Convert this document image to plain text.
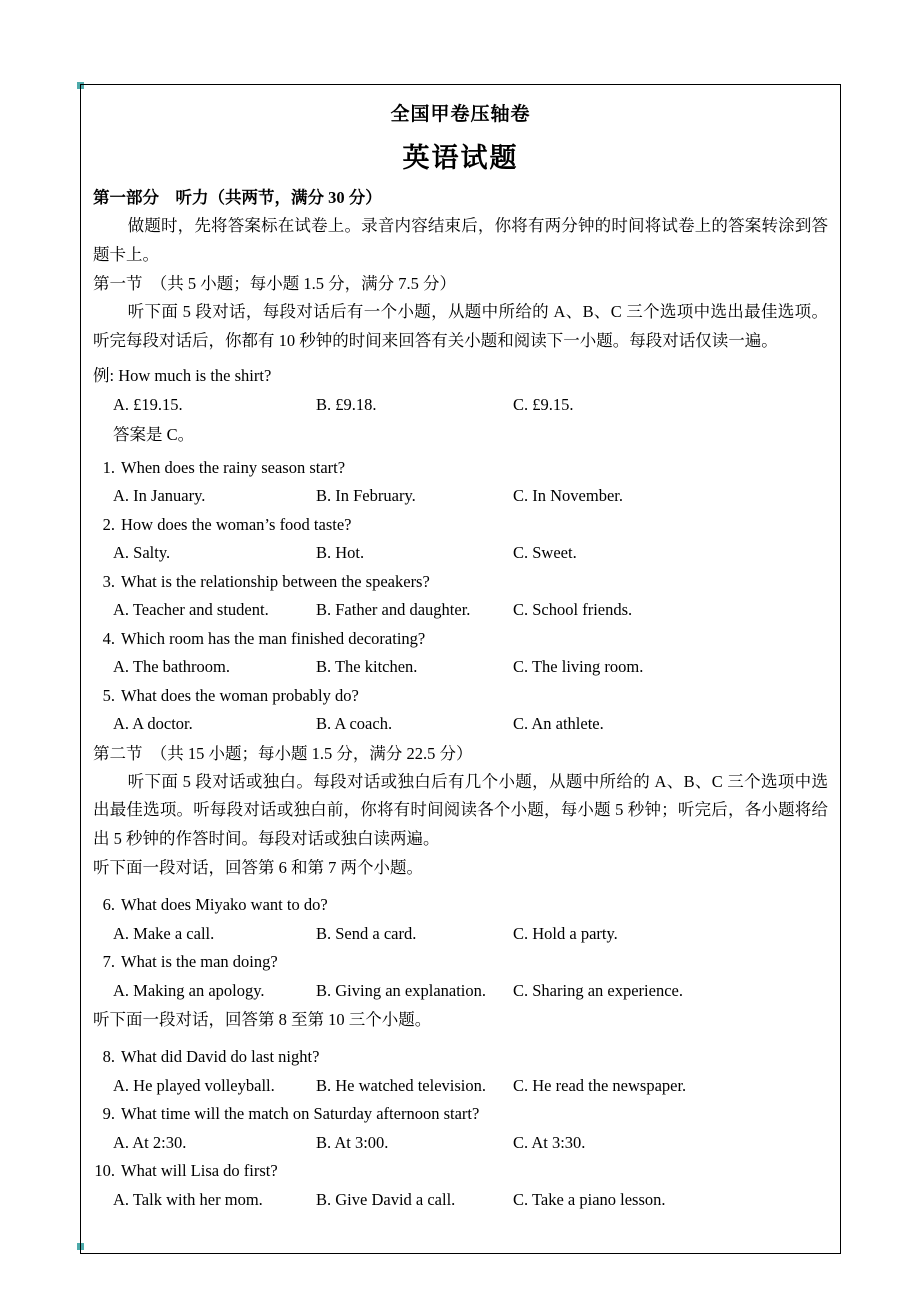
全国甲卷压轴卷
英语试题
第一部分　听力（共两节，满分 30 分）

做题时，先将答案标在试卷上。录音内容结束后，你将有两分钟的时间将试卷上的答案转涂到答题卡上。

第一节　（共 5 小题；每小题 1.5 分，满分 7.5 分）

听下面 5 段对话，每段对话后有一个小题，从题中所给的 A、B、C 三个选项中选出最佳选项。听完每段对话后，你都有 10 秒钟的时间来回答有关小题和阅读下一小题。每段对话仅读一遍。

例: How much is the shirt?
A. £19.15.	B. £9.18.	C. £9.15.
答案是 C。
1. When does the rainy season start?
A. In January.	B. In February.	C. In November.
2. How does the woman’s food taste?
A. Salty.	B. Hot.	C. Sweet.
3. What is the relationship between the speakers?
A. Teacher and student.	B. Father and daughter.	C. School friends.
4. Which room has the man finished decorating?
A. The bathroom.	B. The kitchen.	C. The living room.
5. What does the woman probably do?
A. A doctor.	B. A coach.	C. An athlete.
第二节　（共 15 小题；每小题 1.5 分，满分 22.5 分）

听下面 5 段对话或独白。每段对话或独白后有几个小题，从题中所给的 A、B、C 三个选项中选出最佳选项。听每段对话或独白前，你将有时间阅读各个小题，每小题 5 秒钟；听完后，各小题将给出 5 秒钟的作答时间。每段对话或独白读两遍。

听下面一段对话，回答第 6 和第 7 两个小题。
6. What does Miyako want to do?
A. Make a call.	B. Send a card.	C. Hold a party.
7. What is the man doing?
A. Making an apology.	B. Giving an explanation.	C. Sharing an experience.
听下面一段对话，回答第 8 至第 10 三个小题。
8. What did David do last night?
A. He played volleyball.	B. He watched television.	C. He read the newspaper.
9. What time will the match on Saturday afternoon start?
A. At 2:30.	B. At 3:00.	C. At 3:30.
10. What will Lisa do first?
A. Talk with her mom.	B. Give David a call.	C. Take a piano lesson.
